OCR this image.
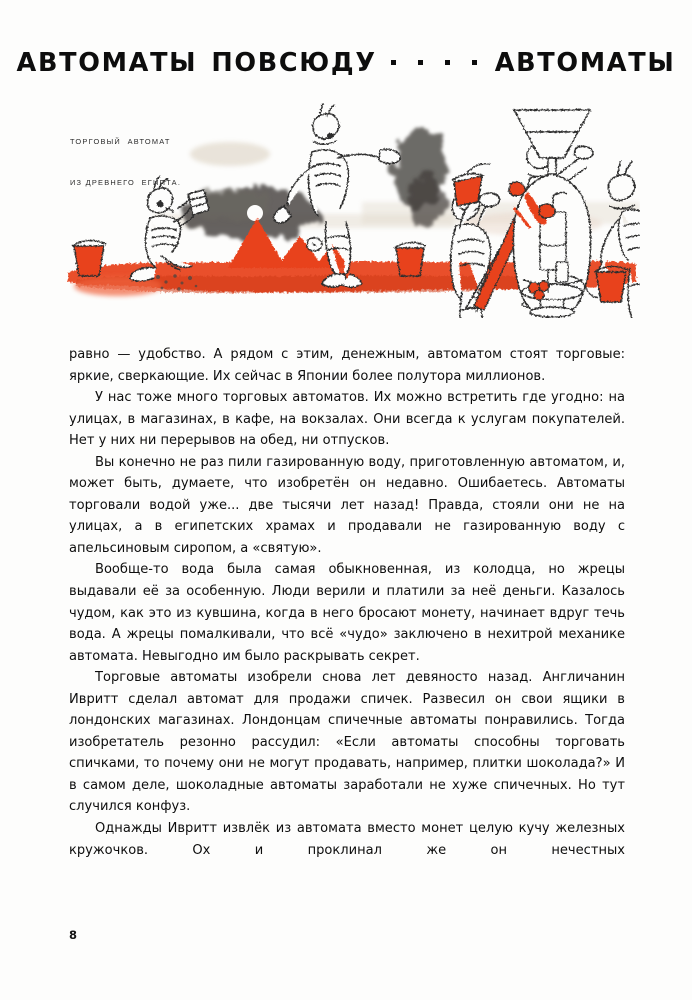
АВТОМАТЫ ПОВСЮДУ	АВТОМАТЫ

ТОРГОВЫЙ  АВТОМАТ

ИЗ ДРЕВНЕГО  ЕГИПТА.

равно — удобство. А рядом с этим, денежным, автоматом стоят торговые: яркие, сверкающие. Их сейчас в Японии более полутора миллионов.

У нас тоже много торговых автоматов. Их можно встретить где угодно: на улицах, в магазинах, в кафе, на вокзалах. Они всегда к услугам покупателей. Нет у них ни перерывов на обед, ни отпусков.

Вы конечно не раз пили газированную воду, приготовленную автоматом, и, может быть, думаете, что изобретён он недавно. Ошибаетесь. Автоматы торговали водой уже... две тысячи лет назад! Правда, стояли они не на улицах, а в египетских храмах и продавали не газированную воду с апельсиновым сиропом, а «святую».

Вообще-то вода была самая обыкновенная, из колодца, но жрецы выдавали её за особенную. Люди верили и платили за неё деньги. Казалось чудом, как это из кувшина, когда в него бросают монету, начинает вдруг течь вода. А жрецы помалкивали, что всё «чудо» заключено в нехитрой механике автомата. Невыгодно им было раскрывать секрет.

Торговые автоматы изобрели снова лет девяносто назад. Англичанин Ивритт сделал автомат для продажи спичек. Развесил он свои ящики в лондонских магазинах. Лондонцам спичечные автоматы понравились. Тогда изобретатель резонно рассудил: «Если автоматы способны торговать спичками, то почему они не могут продавать, например, плитки шоколада?» И в самом деле, шоколадные автоматы заработали не хуже спичечных. Но тут случился конфуз.

Однажды Ивритт извлёк из автомата вместо монет целую кучу железных кружочков. Ох и проклинал же он нечестных

8
